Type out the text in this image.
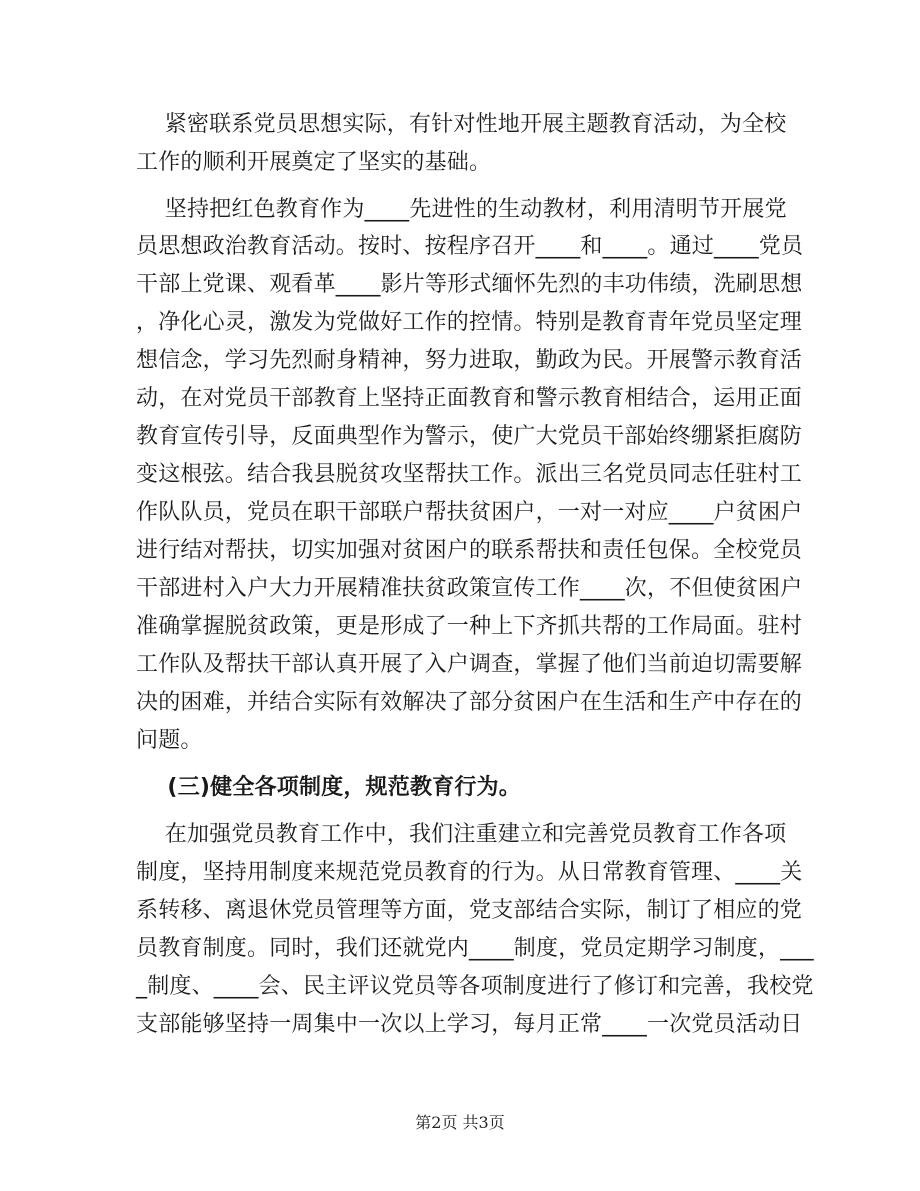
紧密联系党员思想实际，有针对性地开展主题教育活动，为全校
工作的顺利开展奠定了坚实的基础。
坚持把红色教育作为____先进性的生动教材，利用清明节开展党
员思想政治教育活动。按时、按程序召开____和____。通过____党员
干部上党课、观看革____影片等形式缅怀先烈的丰功伟绩，洗刷思想
，净化心灵，激发为党做好工作的控情。特别是教育青年党员坚定理
想信念，学习先烈耐身精神，努力进取，勤政为民。开展警示教育活
动，在对党员干部教育上坚持正面教育和警示教育相结合，运用正面
教育宣传引导，反面典型作为警示，使广大党员干部始终绷紧拒腐防
变这根弦。结合我县脱贫攻坚帮扶工作。派出三名党员同志任驻村工
作队队员，党员在职干部联户帮扶贫困户，一对一对应____户贫困户
进行结对帮扶，切实加强对贫困户的联系帮扶和责任包保。全校党员
干部进村入户大力开展精准扶贫政策宣传工作____次，不但使贫困户
准确掌握脱贫政策，更是形成了一种上下齐抓共帮的工作局面。驻村
工作队及帮扶干部认真开展了入户调查，掌握了他们当前迫切需要解
决的困难，并结合实际有效解决了部分贫困户在生活和生产中存在的
问题。
(三)健全各项制度，规范教育行为。
在加强党员教育工作中，我们注重建立和完善党员教育工作各项
制度，坚持用制度来规范党员教育的行为。从日常教育管理、____关
系转移、离退休党员管理等方面，党支部结合实际，制订了相应的党
员教育制度。同时，我们还就党内____制度，党员定期学习制度，___
_制度、____会、民主评议党员等各项制度进行了修订和完善，我校党
支部能够坚持一周集中一次以上学习，每月正常____一次党员活动日
第2页 共3页
